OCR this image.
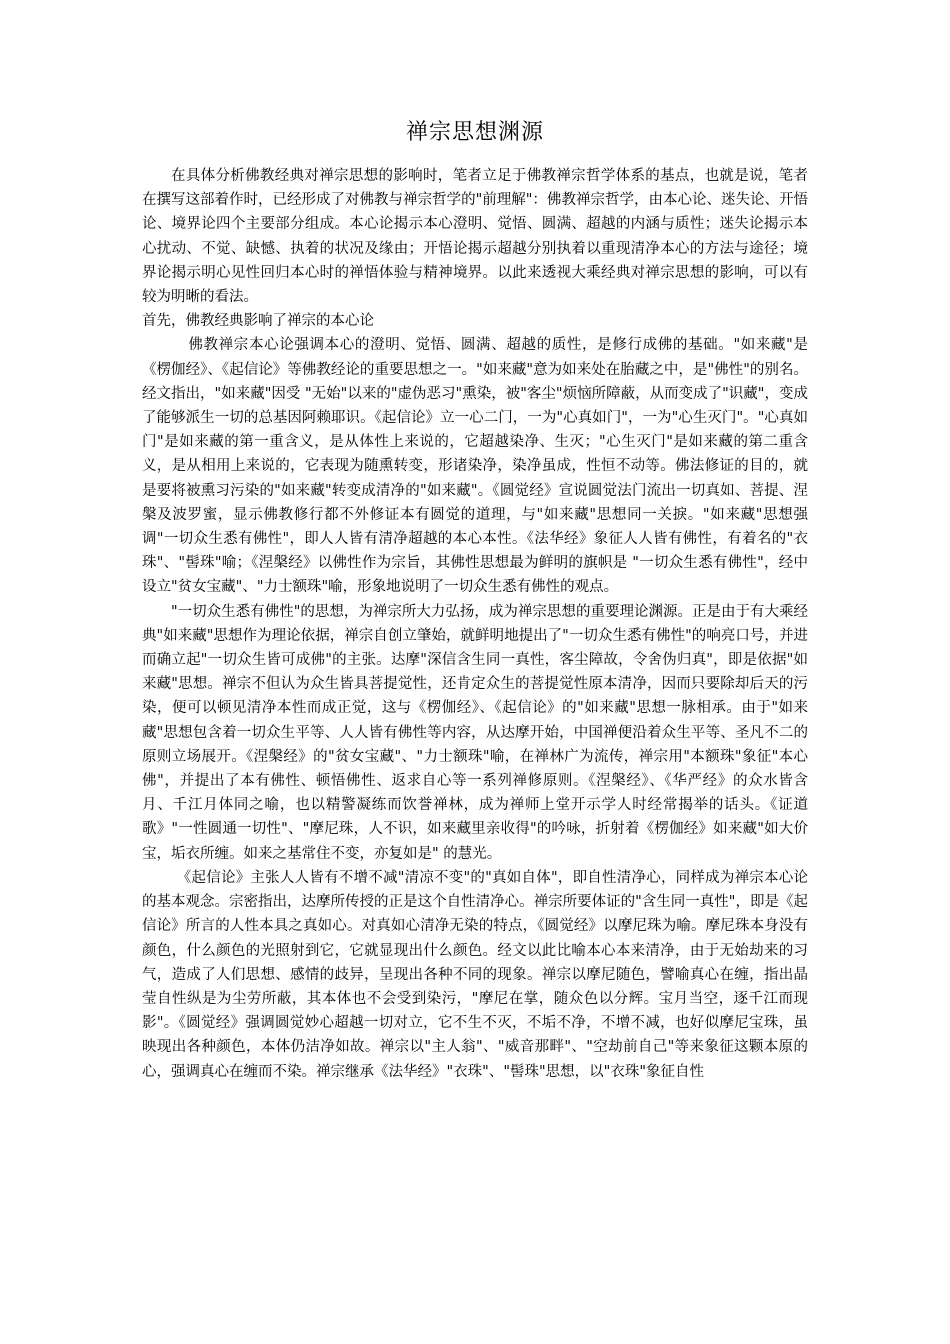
禅宗思想渊源

在具体分析佛教经典对禅宗思想的影响时，笔者立足于佛教禅宗哲学体系的基点，也就是说，笔者在撰写这部着作时，已经形成了对佛教与禅宗哲学的"前理解"：佛教禅宗哲学，由本心论、迷失论、开悟论、境界论四个主要部分组成。本心论揭示本心澄明、觉悟、圆满、超越的内涵与质性；迷失论揭示本心扰动、不觉、缺憾、执着的状况及缘由；开悟论揭示超越分别执着以重现清净本心的方法与途径；境界论揭示明心见性回归本心时的禅悟体验与精神境界。以此来透视大乘经典对禅宗思想的影响，可以有较为明晰的看法。

首先，佛教经典影响了禅宗的本心论

佛教禅宗本心论强调本心的澄明、觉悟、圆满、超越的质性，是修行成佛的基础。"如来藏"是《楞伽经》、《起信论》等佛教经论的重要思想之一。"如来藏"意为如来处在胎藏之中，是"佛性"的别名。经文指出，"如来藏"因受 "无始"以来的"虚伪恶习"熏染，被"客尘"烦恼所障蔽，从而变成了"识藏"，变成了能够派生一切的总基因阿赖耶识。《起信论》立一心二门，一为"心真如门"，一为"心生灭门"。"心真如门"是如来藏的第一重含义，是从体性上来说的，它超越染净、生灭；"心生灭门"是如来藏的第二重含义，是从相用上来说的，它表现为随熏转变，形诸染净，染净虽成，性恒不动等。佛法修证的目的，就是要将被熏习污染的"如来藏"转变成清净的"如来藏"。《圆觉经》宣说圆觉法门流出一切真如、菩提、涅槃及波罗蜜，显示佛教修行都不外修证本有圆觉的道理，与"如来藏"思想同一关捩。"如来藏"思想强调"一切众生悉有佛性"，即人人皆有清净超越的本心本性。《法华经》象征人人皆有佛性，有着名的"衣珠"、"髻珠"喻；《涅槃经》以佛性作为宗旨，其佛性思想最为鲜明的旗帜是 "一切众生悉有佛性"，经中设立"贫女宝藏"、"力士额珠"喻，形象地说明了一切众生悉有佛性的观点。

"一切众生悉有佛性"的思想，为禅宗所大力弘扬，成为禅宗思想的重要理论渊源。正是由于有大乘经典"如来藏"思想作为理论依据，禅宗自创立肇始，就鲜明地提出了"一切众生悉有佛性"的响亮口号，并进而确立起"一切众生皆可成佛"的主张。达摩"深信含生同一真性，客尘障故，令舍伪归真"，即是依据"如来藏"思想。禅宗不但认为众生皆具菩提觉性，还肯定众生的菩提觉性原本清净，因而只要除却后天的污染，便可以顿见清净本性而成正觉，这与《楞伽经》、《起信论》的"如来藏"思想一脉相承。由于"如来藏"思想包含着一切众生平等、人人皆有佛性等内容，从达摩开始，中国禅便沿着众生平等、圣凡不二的原则立场展开。《涅槃经》的"贫女宝藏"、"力士额珠"喻，在禅林广为流传，禅宗用"本额珠"象征"本心佛"，并提出了本有佛性、顿悟佛性、返求自心等一系列禅修原则。《涅槃经》、《华严经》的众水皆含月、千江月体同之喻，也以精警凝练而饮誉禅林，成为禅师上堂开示学人时经常揭举的话头。《证道歌》"一性圆通一切性"、"摩尼珠，人不识，如来藏里亲收得"的吟咏，折射着《楞伽经》如来藏"如大价宝，垢衣所缠。如来之基常住不变，亦复如是" 的慧光。

《起信论》主张人人皆有不增不减"清凉不变"的"真如自体"，即自性清净心，同样成为禅宗本心论的基本观念。宗密指出，达摩所传授的正是这个自性清净心。禅宗所要体证的"含生同一真性"，即是《起信论》所言的人性本具之真如心。对真如心清净无染的特点，《圆觉经》以摩尼珠为喻。摩尼珠本身没有颜色，什么颜色的光照射到它，它就显现出什么颜色。经文以此比喻本心本来清净，由于无始劫来的习气，造成了人们思想、感情的歧异，呈现出各种不同的现象。禅宗以摩尼随色，譬喻真心在缠，指出晶莹自性纵是为尘劳所蔽，其本体也不会受到染污，"摩尼在掌，随众色以分辉。宝月当空，逐千江而现影"。《圆觉经》强调圆觉妙心超越一切对立，它不生不灭，不垢不净，不增不减，也好似摩尼宝珠，虽映现出各种颜色，本体仍洁净如故。禅宗以"主人翁"、"威音那畔"、"空劫前自己"等来象征这颗本原的心，强调真心在缠而不染。禅宗继承《法华经》"衣珠"、"髻珠"思想，以"衣珠"象征自性
